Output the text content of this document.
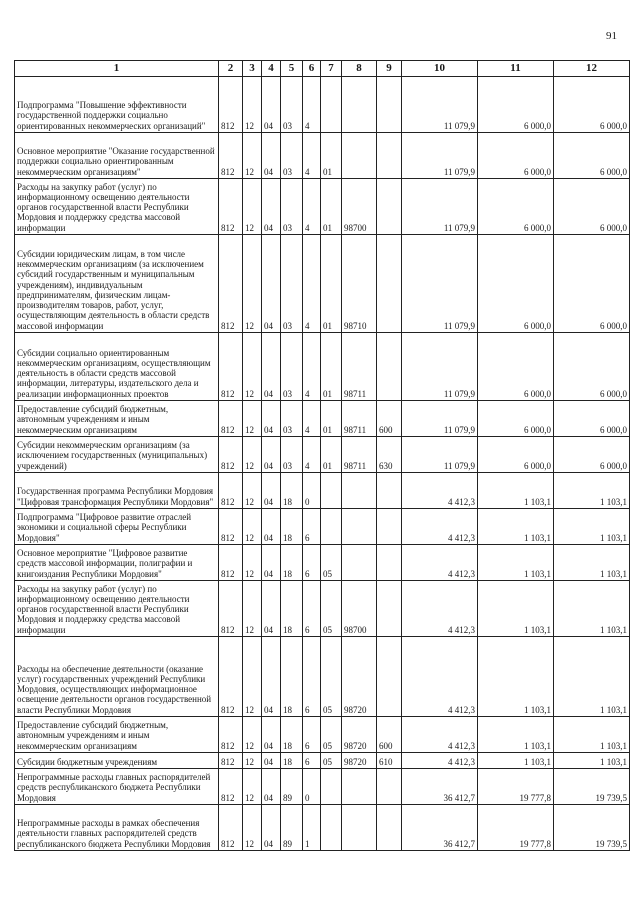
91
1	2	3	4	5	6	7	8	9	10	11	12
Подпрограмма "Повышение эффективности государственной поддержки социально ориентированных некоммерческих организаций"	812	12	04	03	4				11 079,9	6 000,0	6 000,0
Основное мероприятие "Оказание государственной поддержки социально ориентированным некоммерческим организациям"	812	12	04	03	4	01			11 079,9	6 000,0	6 000,0
Расходы на закупку работ (услуг) по информационному освещению деятельности органов государственной власти Республики Мордовия и поддержку средства массовой информации	812	12	04	03	4	01	98700		11 079,9	6 000,0	6 000,0
Субсидии юридическим лицам, в том числе некоммерческим организациям (за исключением субсидий государственным и муниципальным учреждениям), индивидуальным предпринимателям, физическим лицам- производителям товаров, работ, услуг, осуществляющим деятельность в области средств массовой информации	812	12	04	03	4	01	98710		11 079,9	6 000,0	6 000,0
Субсидии социально ориентированным некоммерческим организациям, осуществляющим деятельность в области средств массовой информации, литературы, издательского дела и реализации информационных проектов	812	12	04	03	4	01	98711		11 079,9	6 000,0	6 000,0
Предоставление субсидий бюджетным, автономным учреждениям и иным некоммерческим организациям	812	12	04	03	4	01	98711	600	11 079,9	6 000,0	6 000,0
Субсидии некоммерческим организациям (за исключением государственных (муниципальных) учреждений)	812	12	04	03	4	01	98711	630	11 079,9	6 000,0	6 000,0
Государственная программа Республики Мордовия "Цифровая трансформация Республики Мордовия"	812	12	04	18	0				4 412,3	1 103,1	1 103,1
Подпрограмма "Цифровое развитие отраслей экономики и социальной сферы Республики Мордовия"	812	12	04	18	6				4 412,3	1 103,1	1 103,1
Основное мероприятие "Цифровое развитие средств массовой информации, полиграфии и книгоиздания Республики Мордовия"	812	12	04	18	6	05			4 412,3	1 103,1	1 103,1
Расходы на закупку работ (услуг) по информационному освещению деятельности органов государственной власти Республики Мордовия и поддержку средства массовой информации	812	12	04	18	6	05	98700		4 412,3	1 103,1	1 103,1
Расходы на обеспечение деятельности (оказание услуг) государственных учреждений Республики Мордовия, осуществляющих информационное освещение деятельности органов государственной власти Республики Мордовия	812	12	04	18	6	05	98720		4 412,3	1 103,1	1 103,1
Предоставление субсидий бюджетным, автономным учреждениям и иным некоммерческим организациям	812	12	04	18	6	05	98720	600	4 412,3	1 103,1	1 103,1
Субсидии бюджетным учреждениям	812	12	04	18	6	05	98720	610	4 412,3	1 103,1	1 103,1
Непрограммные расходы главных распорядителей средств республиканского бюджета Республики Мордовия	812	12	04	89	0				36 412,7	19 777,8	19 739,5
Непрограммные расходы в рамках обеспечения деятельности главных распорядителей средств республиканского бюджета Республики Мордовия	812	12	04	89	1				36 412,7	19 777,8	19 739,5
